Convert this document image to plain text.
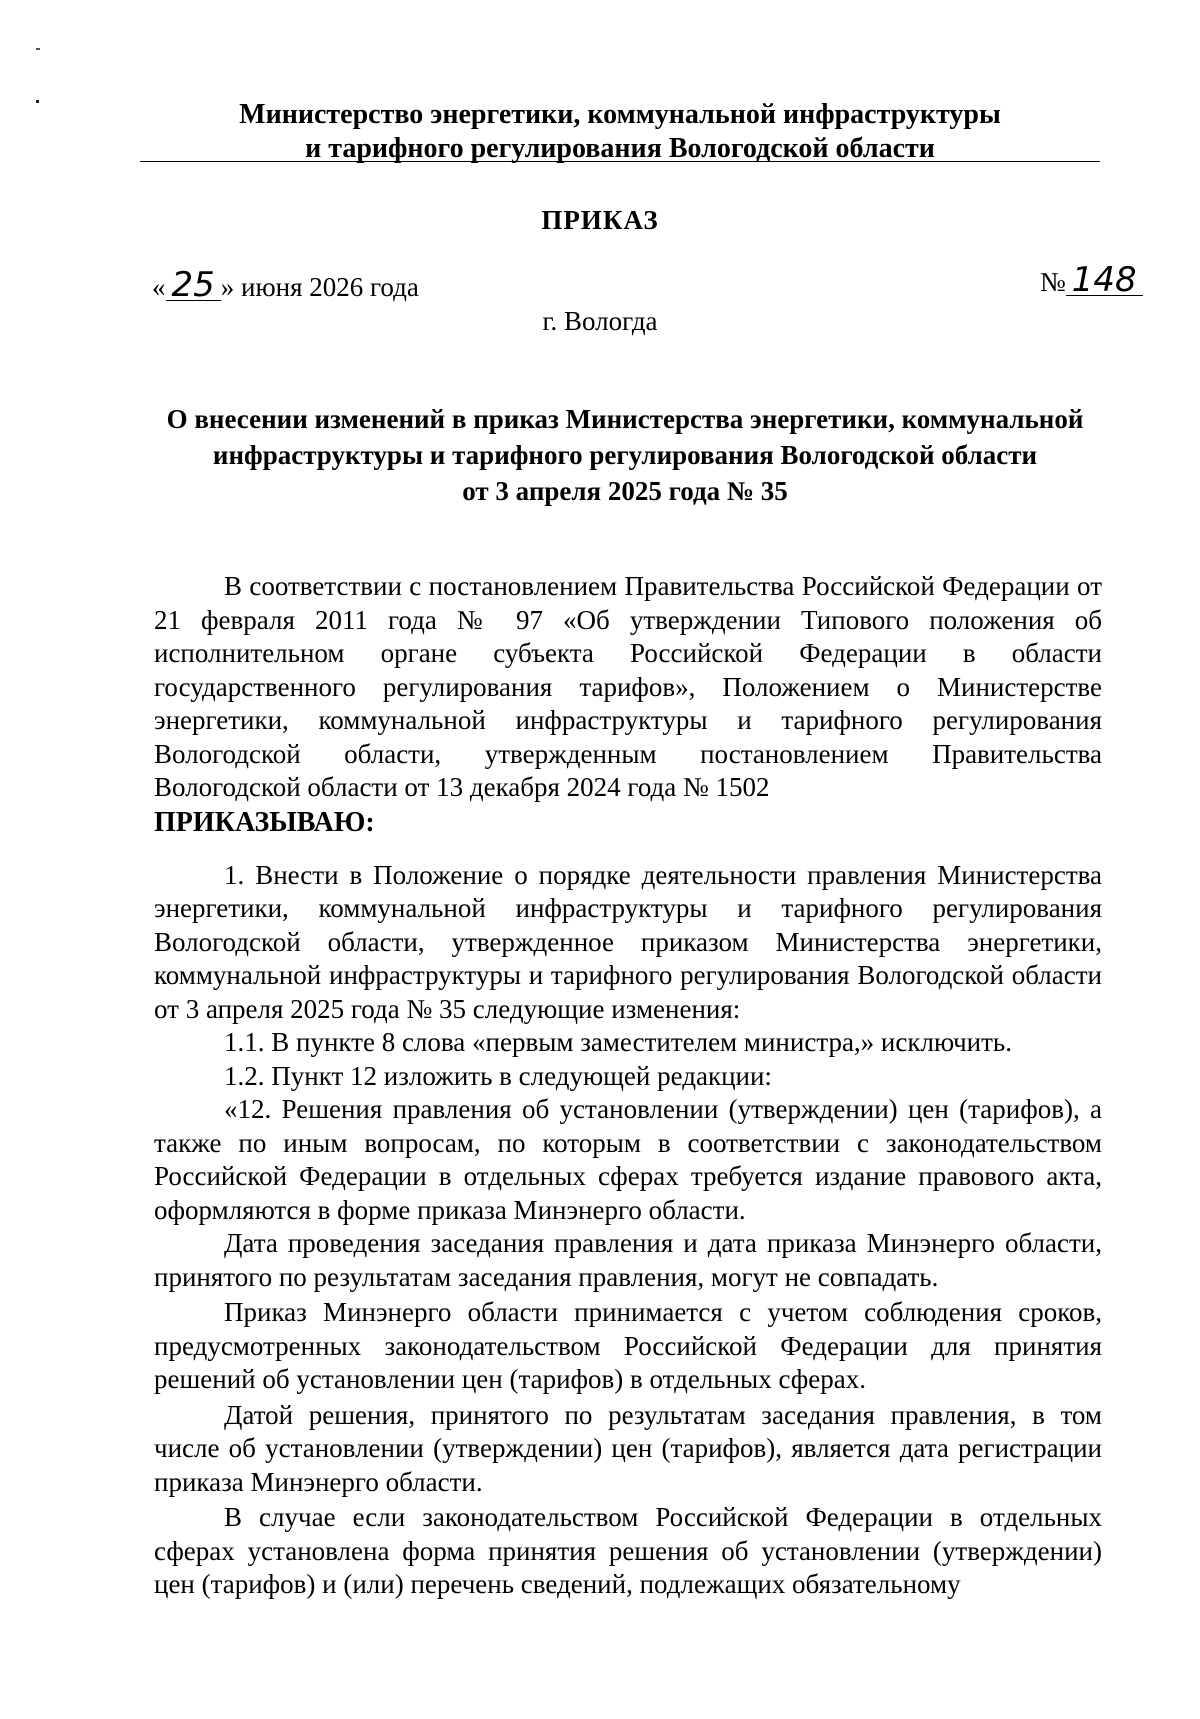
Министерство энергетики, коммунальной инфраструктуры
и тарифного регулирования Вологодской области
ПРИКАЗ
« 25 » июня 2026 года	№ 148
г. Вологда
О внесении изменений в приказ Министерства энергетики, коммунальной
инфраструктуры и тарифного регулирования Вологодской области
от 3 апреля 2025 года № 35

В соответствии с постановлением Правительства Российской Федерации от 21 февраля 2011 года № 97 «Об утверждении Типового положения об исполнительном органе субъекта Российской Федерации в области государственного регулирования тарифов», Положением о Министерстве энергетики, коммунальной инфраструктуры и тарифного регулирования Вологодской области, утвержденным постановлением Правительства Вологодской области от 13 декабря 2024 года № 1502

ПРИКАЗЫВАЮ:

1. Внести в Положение о порядке деятельности правления Министерства энергетики, коммунальной инфраструктуры и тарифного регулирования Вологодской области, утвержденное приказом Министерства энергетики, коммунальной инфраструктуры и тарифного регулирования Вологодской области от 3 апреля 2025 года № 35 следующие изменения:

1.1. В пункте 8 слова «первым заместителем министра,» исключить.

1.2. Пункт 12 изложить в следующей редакции:

«12. Решения правления об установлении (утверждении) цен (тарифов), а также по иным вопросам, по которым в соответствии с законодательством Российской Федерации в отдельных сферах требуется издание правового акта, оформляются в форме приказа Минэнерго области.

Дата проведения заседания правления и дата приказа Минэнерго области, принятого по результатам заседания правления, могут не совпадать.

Приказ Минэнерго области принимается с учетом соблюдения сроков, предусмотренных законодательством Российской Федерации для принятия решений об установлении цен (тарифов) в отдельных сферах.

Датой решения, принятого по результатам заседания правления, в том числе об установлении (утверждении) цен (тарифов), является дата регистрации приказа Минэнерго области.

В случае если законодательством Российской Федерации в отдельных сферах установлена форма принятия решения об установлении (утверждении) цен (тарифов) и (или) перечень сведений, подлежащих обязательному
